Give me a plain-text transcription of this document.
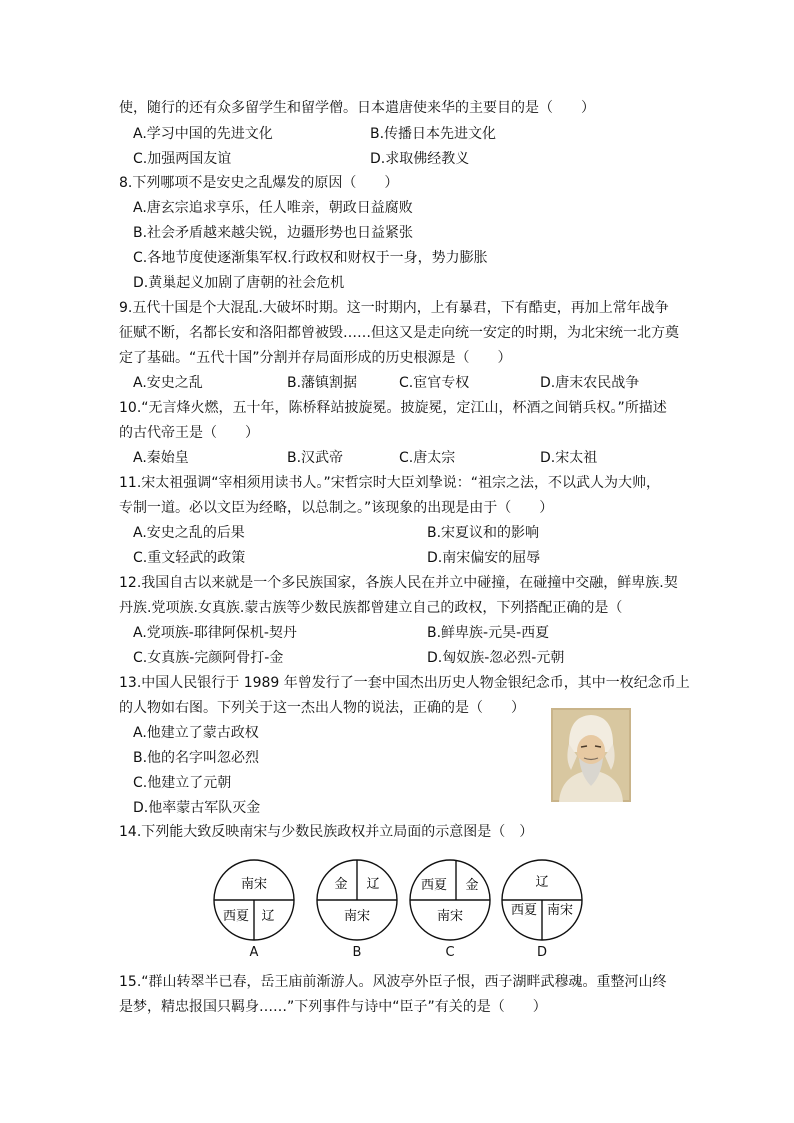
使，随行的还有众多留学生和留学僧。日本遣唐使来华的主要目的是（　　）
A.学习中国的先进文化	B.传播日本先进文化
C.加强两国友谊	D.求取佛经教义
8.下列哪项不是安史之乱爆发的原因（　　）
A.唐玄宗追求享乐，任人唯亲，朝政日益腐败
B.社会矛盾越来越尖锐，边疆形势也日益紧张
C.各地节度使逐渐集军权.行政权和财权于一身，势力膨胀
D.黄巢起义加剧了唐朝的社会危机
9.五代十国是个大混乱.大破坏时期。这一时期内，上有暴君，下有酷吏，再加上常年战争
征赋不断，名都长安和洛阳都曾被毁……但这又是走向统一安定的时期，为北宋统一北方奠
定了基础。“五代十国”分割并存局面形成的历史根源是（　　）
A.安史之乱	B.藩镇割据	C.宦官专权	D.唐末农民战争
10.“无言烽火燃，五十年，陈桥释站披旋冕。披旋冕，定江山，杯酒之间销兵权。”所描述
的古代帝王是（　　）
A.秦始皇	B.汉武帝	C.唐太宗	D.宋太祖
11.宋太祖强调“宰相须用读书人。”宋哲宗时大臣刘挚说：“祖宗之法，不以武人为大帅，
专制一道。必以文臣为经略，以总制之。”该现象的出现是由于（　　）
A.安史之乱的后果	B.宋夏议和的影响
C.重文轻武的政策	D.南宋偏安的屈辱
12.我国自古以来就是一个多民族国家，各族人民在并立中碰撞，在碰撞中交融，鲜卑族.契
丹族.党项族.女真族.蒙古族等少数民族都曾建立自己的政权，下列搭配正确的是（
A.党项族-耶律阿保机-契丹	B.鲜卑族-元昊-西夏
C.女真族-完颜阿骨打-金	D.匈奴族-忽必烈-元朝
13.中国人民银行于 1989 年曾发行了一套中国杰出历史人物金银纪念币，其中一枚纪念币上
的人物如右图。下列关于这一杰出人物的说法，正确的是（　　）
A.他建立了蒙古政权
B.他的名字叫忽必烈
C.他建立了元朝
D.他率蒙古军队灭金
14.下列能大致反映南宋与少数民族政权并立局面的示意图是（　）
南宋
西夏 辽
金 辽
南宋
西夏 金
南宋
辽
西夏 南宋
A	B	C	D
15.“群山转翠半已春，岳王庙前渐游人。风波亭外臣子恨，西子湖畔武穆魂。重整河山终
是梦，精忠报国只羁身……”下列事件与诗中“臣子”有关的是（　　）
